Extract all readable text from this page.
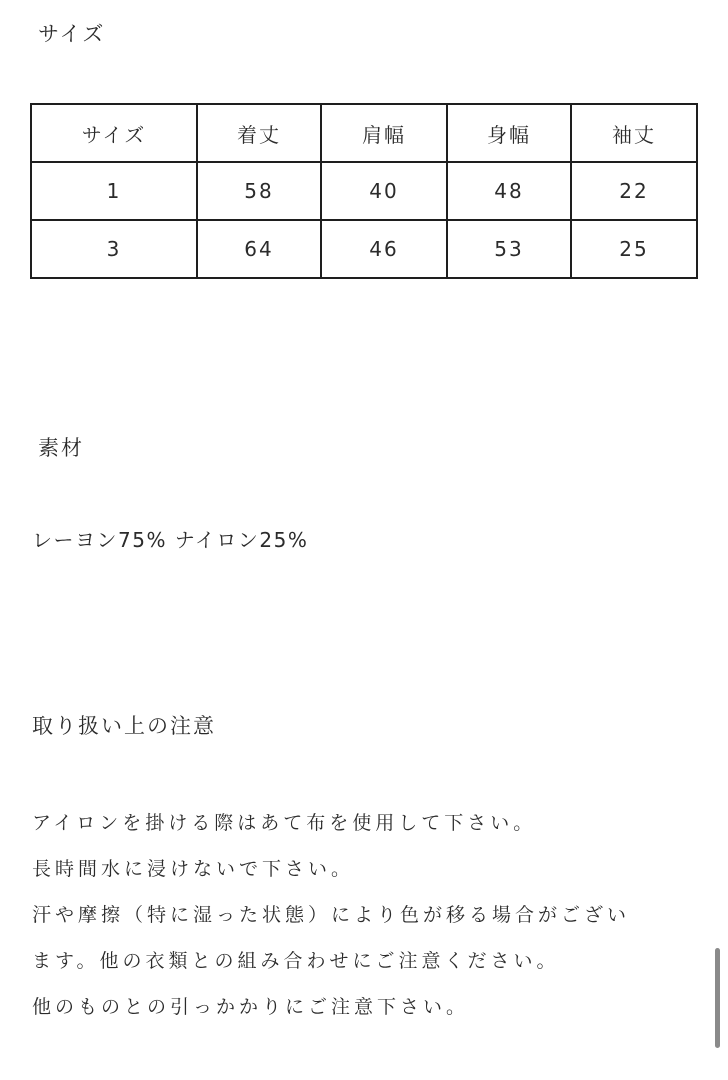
サイズ
サイズ	着丈	肩幅	身幅	袖丈
1	58	40	48	22
3	64	46	53	25
素材

レーヨン75% ナイロン25%

取り扱い上の注意
アイロンを掛ける際はあて布を使用して下さい。
長時間水に浸けないで下さい。
汗や摩擦（特に湿った状態）により色が移る場合がござい
ます。他の衣類との組み合わせにご注意ください。
他のものとの引っかかりにご注意下さい。
